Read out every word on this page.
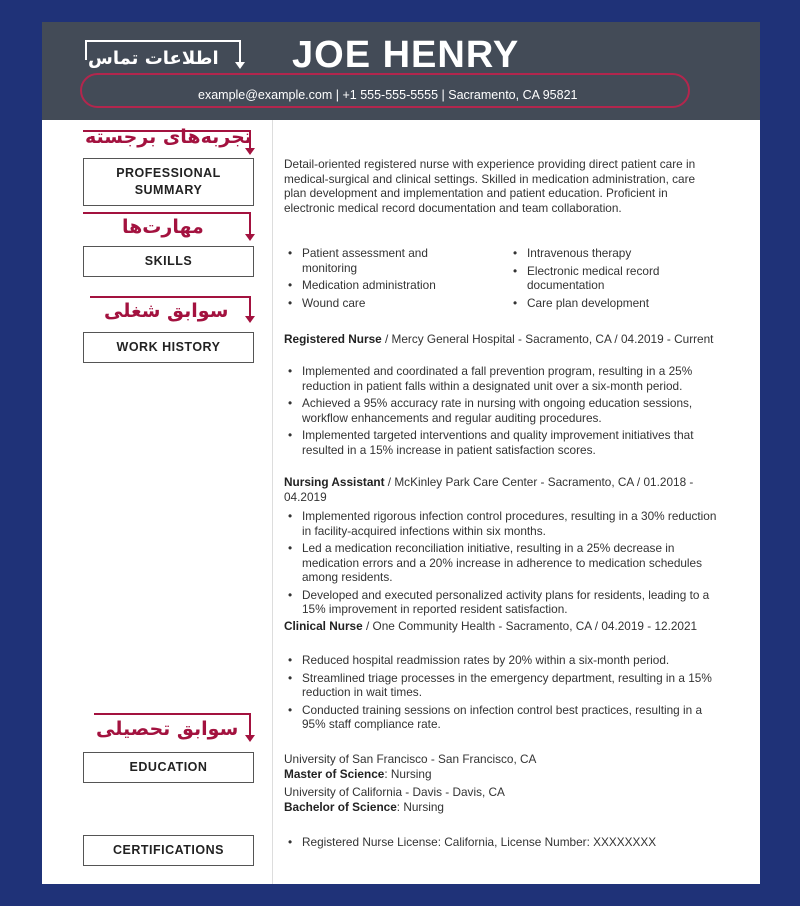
JOE HENRY
example@example.com | +1 555-555-5555 | Sacramento, CA 95821
اطلاعات تماس
تجربه‌های برجسته
PROFESSIONAL SUMMARY
Detail-oriented registered nurse with experience providing direct patient care in medical-surgical and clinical settings. Skilled in medication administration, care plan development and implementation and patient education. Proficient in electronic medical record documentation and team collaboration.
مهارت‌ها
SKILLS
• Patient assessment and monitoring
• Medication administration
• Wound care
• Intravenous therapy
• Electronic medical record documentation
• Care plan development
سوابق شغلی
WORK HISTORY
Registered Nurse / Mercy General Hospital - Sacramento, CA / 04.2019 - Current
• Implemented and coordinated a fall prevention program, resulting in a 25% reduction in patient falls within a designated unit over a six-month period.
• Achieved a 95% accuracy rate in nursing with ongoing education sessions, workflow enhancements and regular auditing procedures.
• Implemented targeted interventions and quality improvement initiatives that resulted in a 15% increase in patient satisfaction scores.
Nursing Assistant / McKinley Park Care Center - Sacramento, CA / 01.2018 - 04.2019
• Implemented rigorous infection control procedures, resulting in a 30% reduction in facility-acquired infections within six months.
• Led a medication reconciliation initiative, resulting in a 25% decrease in medication errors and a 20% increase in adherence to medication schedules among residents.
• Developed and executed personalized activity plans for residents, leading to a 15% improvement in reported resident satisfaction.
Clinical Nurse / One Community Health - Sacramento, CA / 04.2019 - 12.2021
• Reduced hospital readmission rates by 20% within a six-month period.
• Streamlined triage processes in the emergency department, resulting in a 15% reduction in wait times.
• Conducted training sessions on infection control best practices, resulting in a 95% staff compliance rate.
سوابق تحصیلی
EDUCATION
University of San Francisco - San Francisco, CA
Master of Science: Nursing
University of California - Davis - Davis, CA
Bachelor of Science: Nursing
CERTIFICATIONS
• Registered Nurse License: California, License Number: XXXXXXXX
